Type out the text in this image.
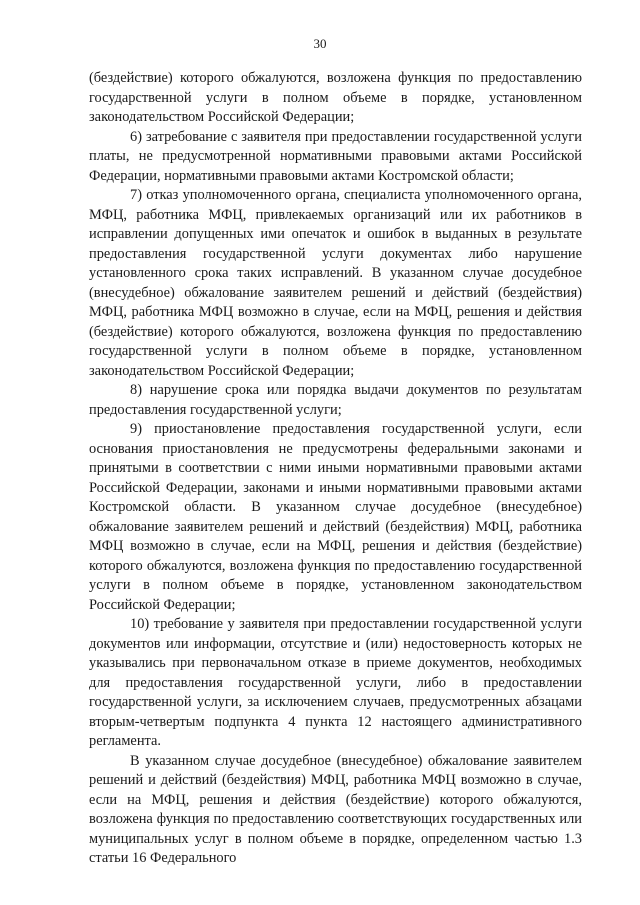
30

(бездействие) которого обжалуются, возложена функция по предоставлению государственной услуги в полном объеме в порядке, установленном законодательством Российской Федерации;

6) затребование с заявителя при предоставлении государственной услуги платы, не предусмотренной нормативными правовыми актами Российской Федерации, нормативными правовыми актами Костромской области;

7) отказ уполномоченного органа, специалиста уполномоченного органа, МФЦ, работника МФЦ, привлекаемых организаций или их работников в исправлении допущенных ими опечаток и ошибок в выданных в результате предоставления государственной услуги документах либо нарушение установленного срока таких исправлений. В указанном случае досудебное (внесудебное) обжалование заявителем решений и действий (бездействия) МФЦ, работника МФЦ возможно в случае, если на МФЦ, решения и действия (бездействие) которого обжалуются, возложена функция по предоставлению государственной услуги в полном объеме в порядке, установленном законодательством Российской Федерации;

8) нарушение срока или порядка выдачи документов по результатам предоставления государственной услуги;

9) приостановление предоставления государственной услуги, если основания приостановления не предусмотрены федеральными законами и принятыми в соответствии с ними иными нормативными правовыми актами Российской Федерации, законами и иными нормативными правовыми актами Костромской области. В указанном случае досудебное (внесудебное) обжалование заявителем решений и действий (бездействия) МФЦ, работника МФЦ возможно в случае, если на МФЦ, решения и действия (бездействие) которого обжалуются, возложена функция по предоставлению государственной услуги в полном объеме в порядке, установленном законодательством Российской Федерации;

10) требование у заявителя при предоставлении государственной услуги документов или информации, отсутствие и (или) недостоверность которых не указывались при первоначальном отказе в приеме документов, необходимых для предоставления государственной услуги, либо в предоставлении государственной услуги, за исключением случаев, предусмотренных абзацами вторым-четвертым подпункта 4 пункта 12 настоящего административного регламента.

В указанном случае досудебное (внесудебное) обжалование заявителем решений и действий (бездействия) МФЦ, работника МФЦ возможно в случае, если на МФЦ, решения и действия (бездействие) которого обжалуются, возложена функция по предоставлению соответствующих государственных или муниципальных услуг в полном объеме в порядке, определенном частью 1.3 статьи 16 Федерального
